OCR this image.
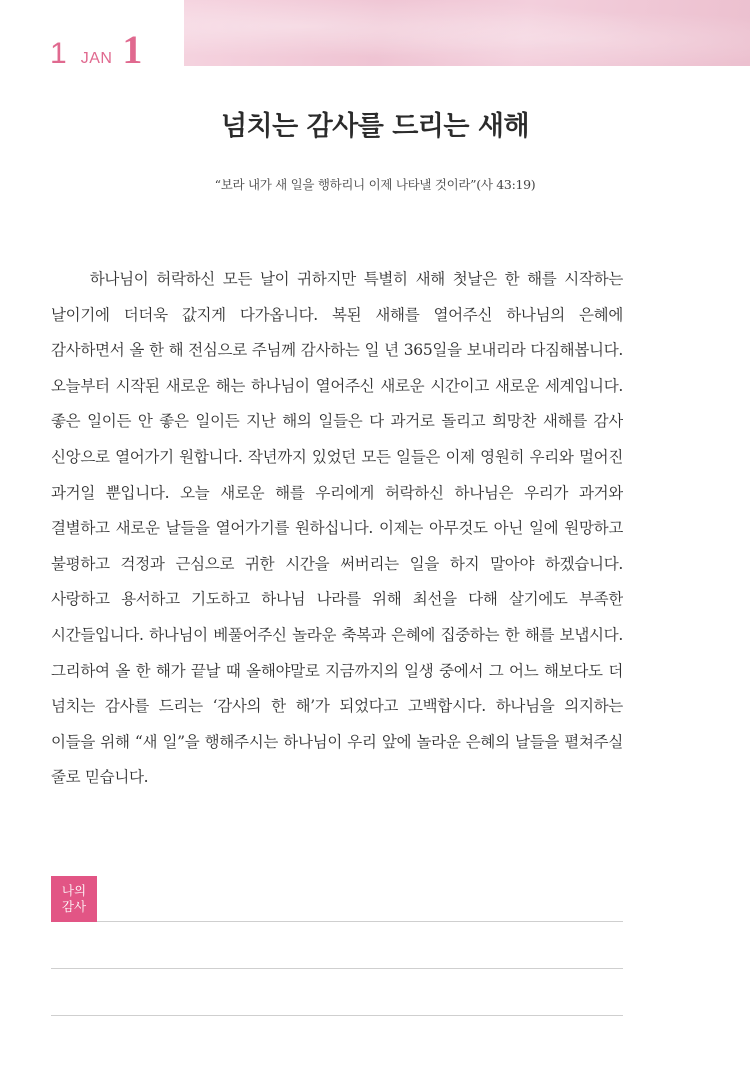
1 JAN 1
넘치는 감사를 드리는 새해
“보라 내가 새 일을 행하리니 이제 나타낼 것이라”(사 43:19)

하나님이 허락하신 모든 날이 귀하지만 특별히 새해 첫날은 한 해를 시작하는 날이기에 더더욱 값지게 다가옵니다. 복된 새해를 열어주신 하나님의 은혜에 감사하면서 올 한 해 전심으로 주님께 감사하는 일 년 365일을 보내리라 다짐해봅니다. 오늘부터 시작된 새로운 해는 하나님이 열어주신 새로운 시간이고 새로운 세계입니다. 좋은 일이든 안 좋은 일이든 지난 해의 일들은 다 과거로 돌리고 희망찬 새해를 감사 신앙으로 열어가기 원합니다. 작년까지 있었던 모든 일들은 이제 영원히 우리와 멀어진 과거일 뿐입니다. 오늘 새로운 해를 우리에게 허락하신 하나님은 우리가 과거와 결별하고 새로운 날들을 열어가기를 원하십니다. 이제는 아무것도 아닌 일에 원망하고 불평하고 걱정과 근심으로 귀한 시간을 써버리는 일을 하지 말아야 하겠습니다. 사랑하고 용서하고 기도하고 하나님 나라를 위해 최선을 다해 살기에도 부족한 시간들입니다. 하나님이 베풀어주신 놀라운 축복과 은혜에 집중하는 한 해를 보냅시다. 그리하여 올 한 해가 끝날 때 올해야말로 지금까지의 일생 중에서 그 어느 해보다도 더 넘치는 감사를 드리는 ‘감사의 한 해’가 되었다고 고백합시다. 하나님을 의지하는 이들을 위해 “새 일”을 행해주시는 하나님이 우리 앞에 놀라운 은혜의 날들을 펼쳐주실 줄로 믿습니다.

나의 감사
